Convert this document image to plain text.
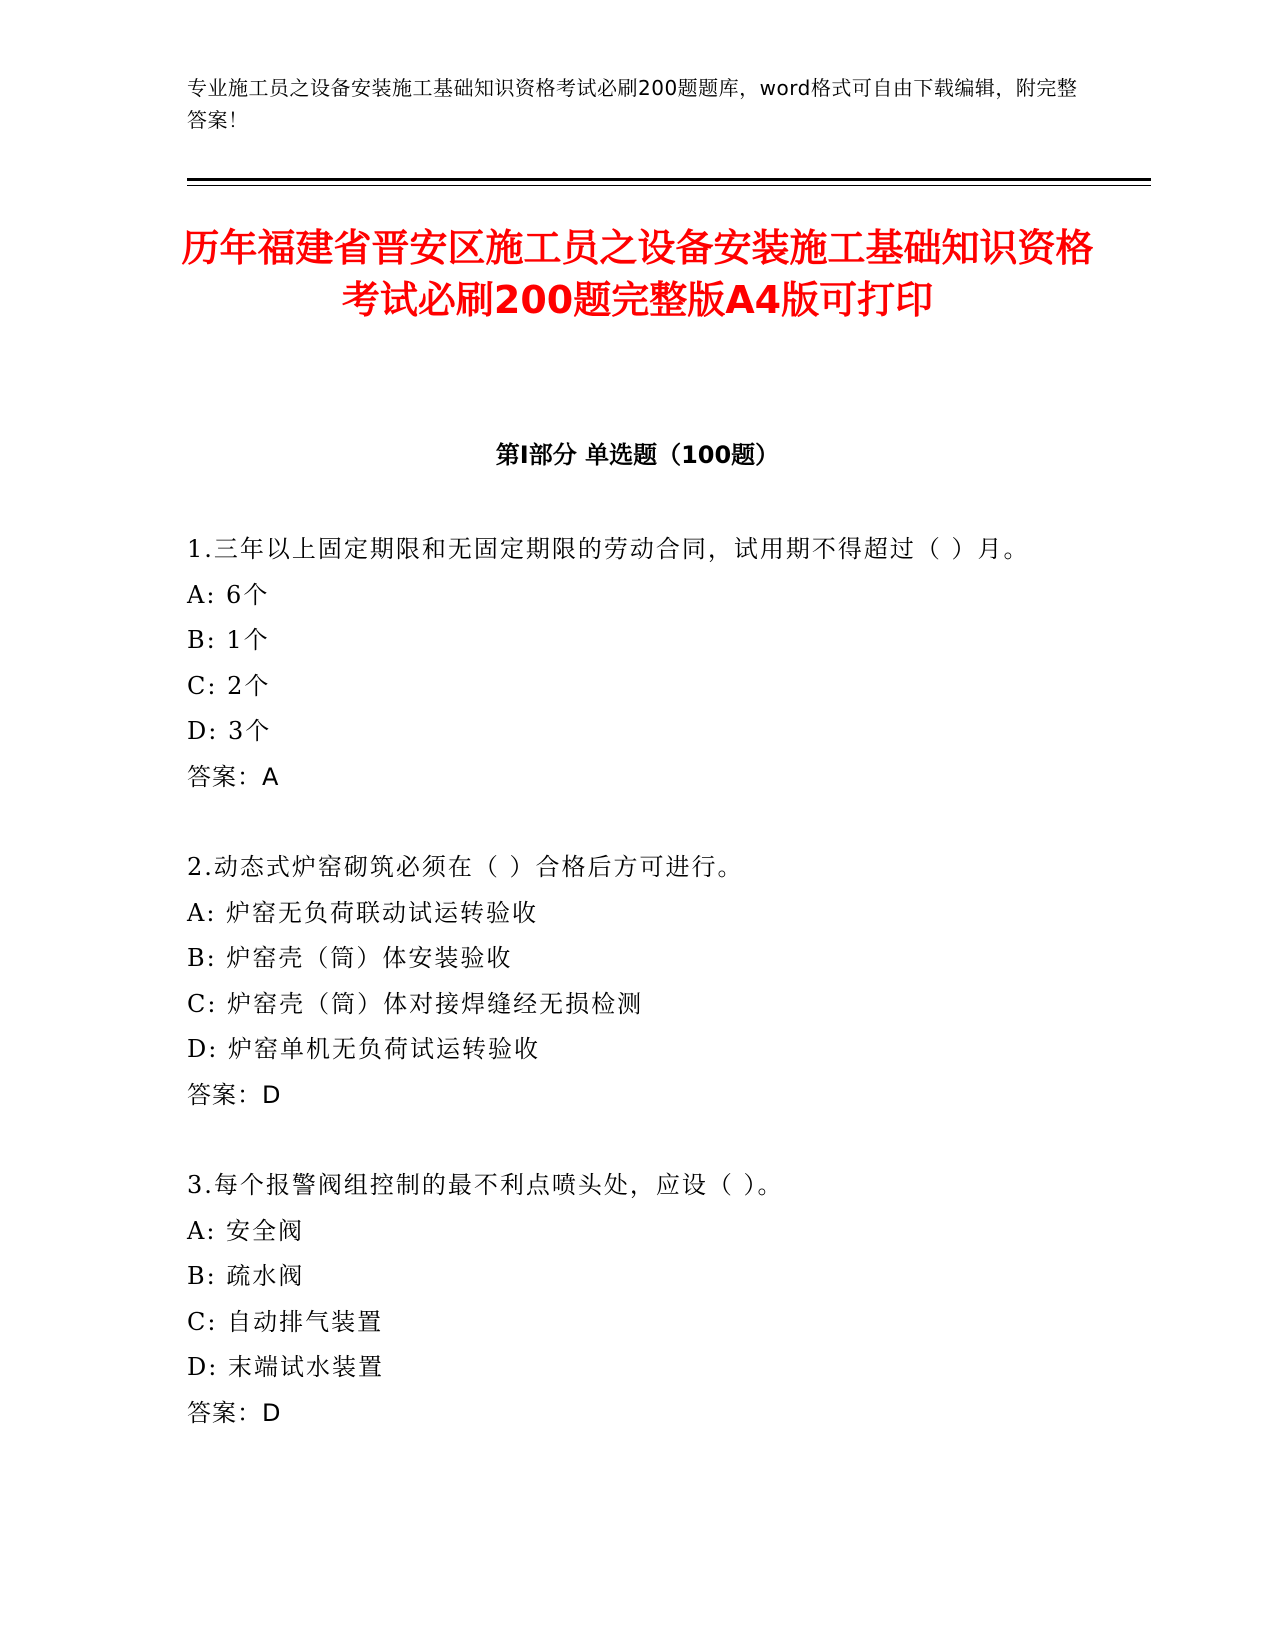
专业施工员之设备安装施工基础知识资格考试必刷200题题库，word格式可自由下载编辑，附完整答案！
历年福建省晋安区施工员之设备安装施工基础知识资格考试必刷200题完整版A4版可打印
第Ⅰ部分 单选题（100题）
1.三年以上固定期限和无固定期限的劳动合同，试用期不得超过（ ）月。
A: 6个
B: 1个
C: 2个
D: 3个
答案：A
2.动态式炉窑砌筑必须在（ ）合格后方可进行。
A: 炉窑无负荷联动试运转验收
B: 炉窑壳（筒）体安装验收
C: 炉窑壳（筒）体对接焊缝经无损检测
D: 炉窑单机无负荷试运转验收
答案：D
3.每个报警阀组控制的最不利点喷头处，应设（ ）。
A: 安全阀
B: 疏水阀
C: 自动排气装置
D: 末端试水装置
答案：D
